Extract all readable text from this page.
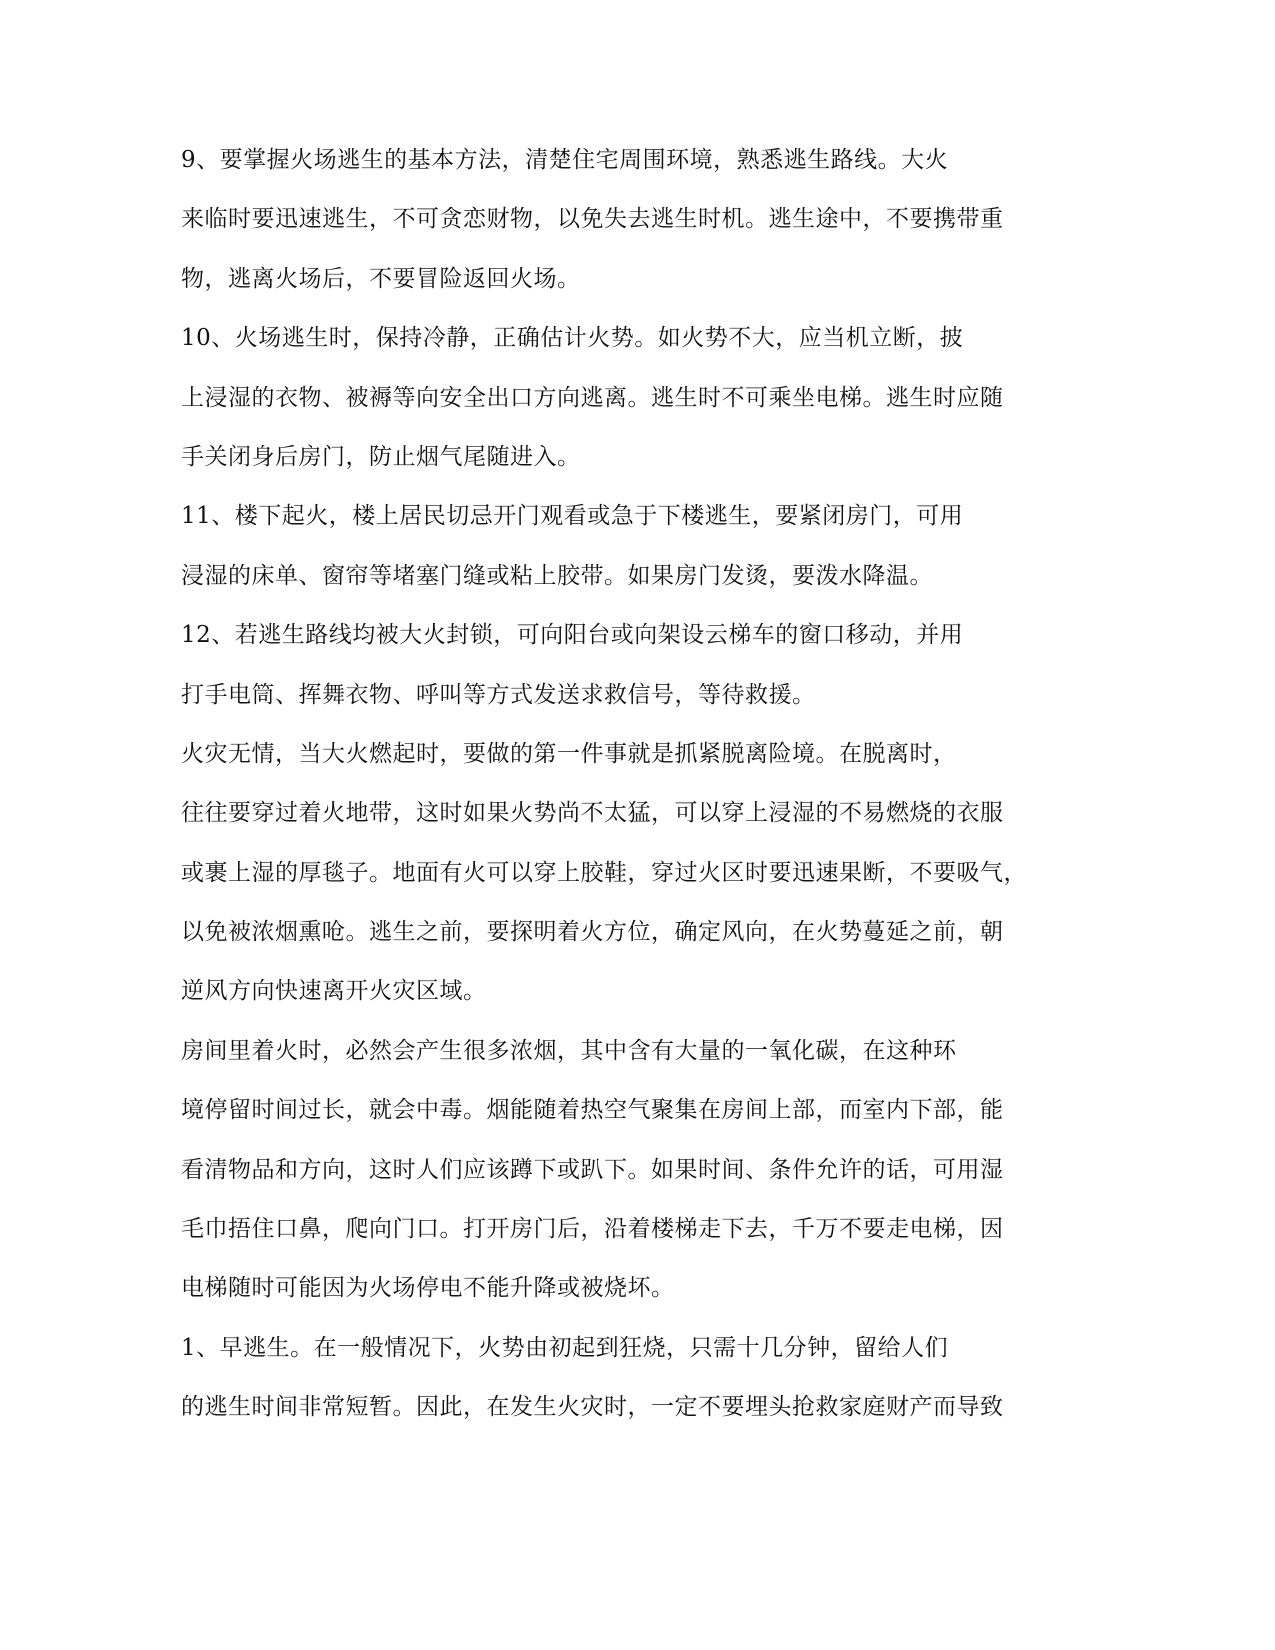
9、要掌握火场逃生的基本方法，清楚住宅周围环境，熟悉逃生路线。大火
来临时要迅速逃生，不可贪恋财物，以免失去逃生时机。逃生途中，不要携带重
物，逃离火场后，不要冒险返回火场。
10、火场逃生时，保持冷静，正确估计火势。如火势不大，应当机立断，披
上浸湿的衣物、被褥等向安全出口方向逃离。逃生时不可乘坐电梯。逃生时应随
手关闭身后房门，防止烟气尾随进入。
11、楼下起火，楼上居民切忌开门观看或急于下楼逃生，要紧闭房门，可用
浸湿的床单、窗帘等堵塞门缝或粘上胶带。如果房门发烫，要泼水降温。
12、若逃生路线均被大火封锁，可向阳台或向架设云梯车的窗口移动，并用
打手电筒、挥舞衣物、呼叫等方式发送求救信号，等待救援。
火灾无情，当大火燃起时，要做的第一件事就是抓紧脱离险境。在脱离时，
往往要穿过着火地带，这时如果火势尚不太猛，可以穿上浸湿的不易燃烧的衣服
或裹上湿的厚毯子。地面有火可以穿上胶鞋，穿过火区时要迅速果断，不要吸气，
以免被浓烟熏呛。逃生之前，要探明着火方位，确定风向，在火势蔓延之前，朝
逆风方向快速离开火灾区域。
房间里着火时，必然会产生很多浓烟，其中含有大量的一氧化碳，在这种环
境停留时间过长，就会中毒。烟能随着热空气聚集在房间上部，而室内下部，能
看清物品和方向，这时人们应该蹲下或趴下。如果时间、条件允许的话，可用湿
毛巾捂住口鼻，爬向门口。打开房门后，沿着楼梯走下去，千万不要走电梯，因
电梯随时可能因为火场停电不能升降或被烧坏。
1、早逃生。在一般情况下，火势由初起到狂烧，只需十几分钟，留给人们
的逃生时间非常短暂。因此，在发生火灾时，一定不要埋头抢救家庭财产而导致
